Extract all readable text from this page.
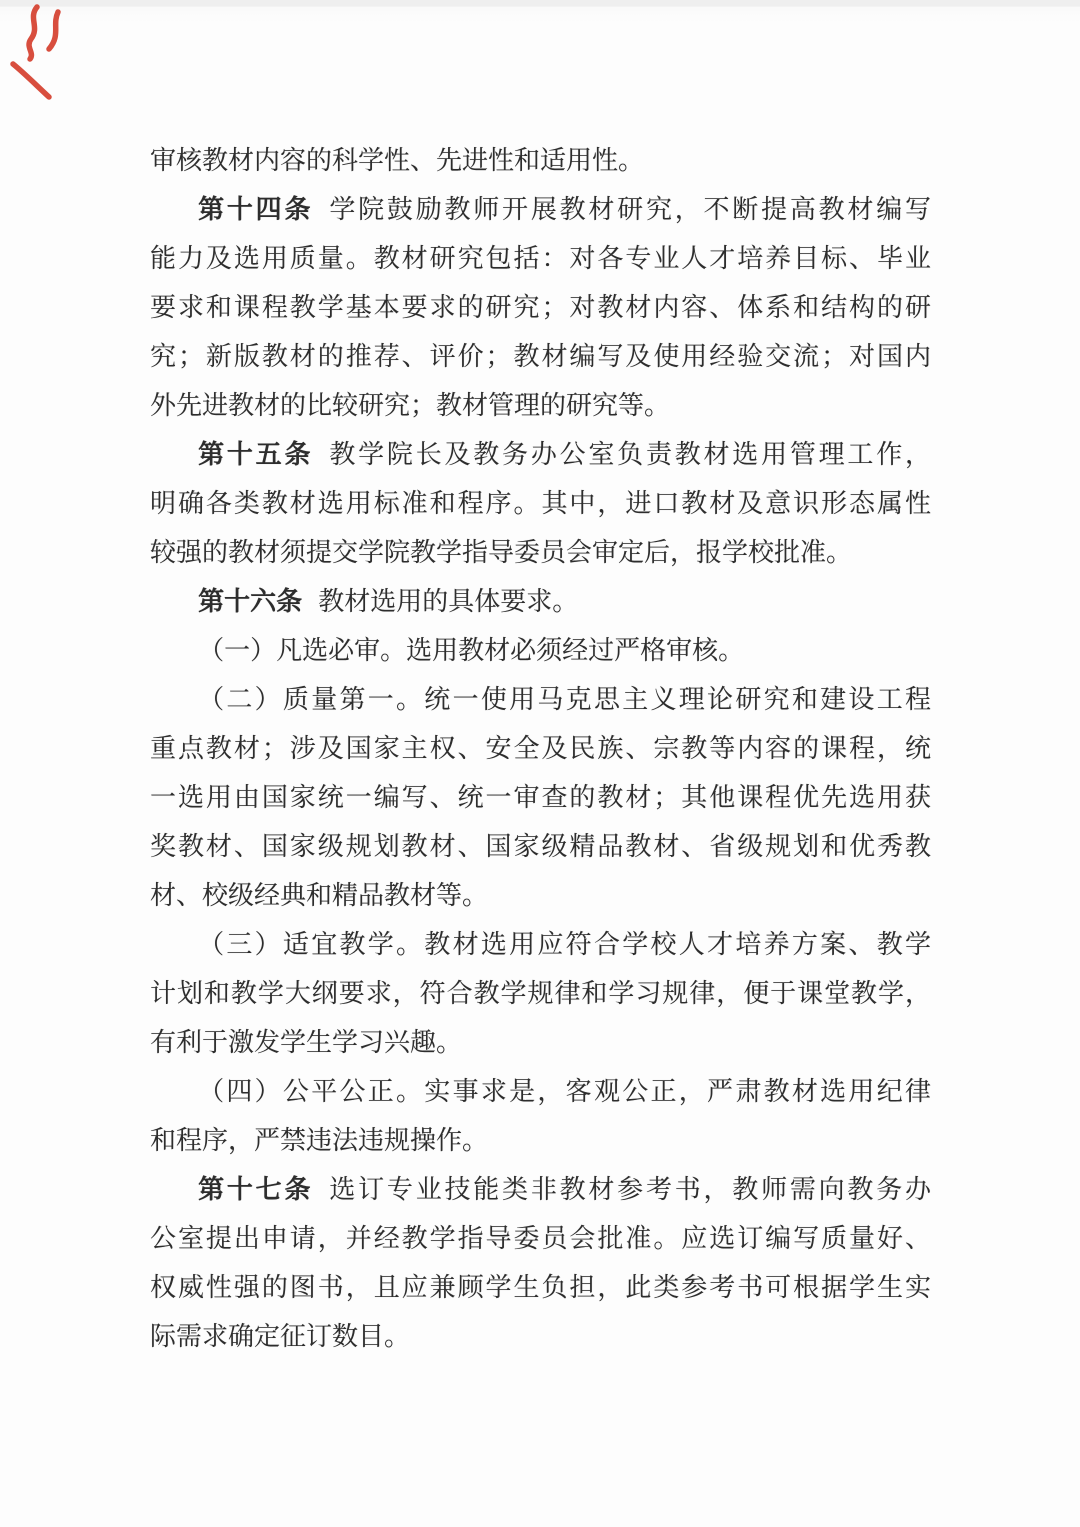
审核教材内容的科学性、先进性和适用性。
第十四条 学院鼓励教师开展教材研究，不断提高教材编写
能力及选用质量。教材研究包括：对各专业人才培养目标、毕业
要求和课程教学基本要求的研究；对教材内容、体系和结构的研
究；新版教材的推荐、评价；教材编写及使用经验交流；对国内
外先进教材的比较研究；教材管理的研究等。
第十五条 教学院长及教务办公室负责教材选用管理工作，
明确各类教材选用标准和程序。其中，进口教材及意识形态属性
较强的教材须提交学院教学指导委员会审定后，报学校批准。
第十六条 教材选用的具体要求。
（一）凡选必审。选用教材必须经过严格审核。
（二）质量第一。统一使用马克思主义理论研究和建设工程
重点教材；涉及国家主权、安全及民族、宗教等内容的课程，统
一选用由国家统一编写、统一审查的教材；其他课程优先选用获
奖教材、国家级规划教材、国家级精品教材、省级规划和优秀教
材、校级经典和精品教材等。
（三）适宜教学。教材选用应符合学校人才培养方案、教学
计划和教学大纲要求，符合教学规律和学习规律，便于课堂教学，
有利于激发学生学习兴趣。
（四）公平公正。实事求是，客观公正，严肃教材选用纪律
和程序，严禁违法违规操作。
第十七条 选订专业技能类非教材参考书，教师需向教务办
公室提出申请，并经教学指导委员会批准。应选订编写质量好、
权威性强的图书，且应兼顾学生负担，此类参考书可根据学生实
际需求确定征订数目。
